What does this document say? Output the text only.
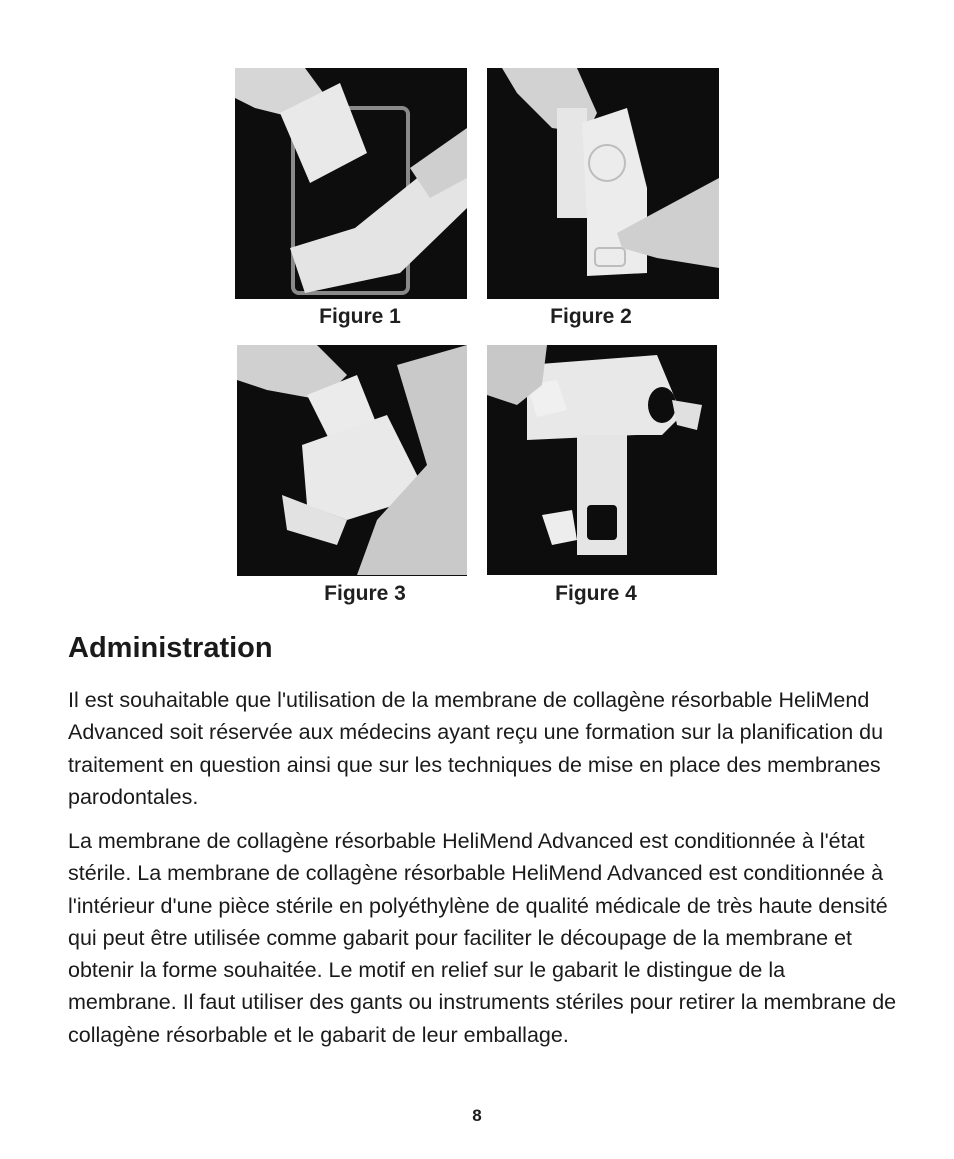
Figure 1	Figure 2
Figure 3	Figure 4
Administration

Il est souhaitable que l'utilisation de la membrane de collagène résorbable HeliMend Advanced soit réservée aux médecins ayant reçu une formation sur la planification du traitement en question ainsi que sur les techniques de mise en place des membranes parodontales.

La membrane de collagène résorbable HeliMend Advanced est conditionnée à l'état stérile. La membrane de collagène résorbable HeliMend Advanced est conditionnée à l'intérieur d'une pièce stérile en polyéthylène de qualité médicale de très haute densité qui peut être utilisée comme gabarit pour faciliter le découpage de la membrane et obtenir la forme souhaitée. Le motif en relief sur le gabarit le distingue de la membrane. Il faut utiliser des gants ou instruments stériles pour retirer la membrane de collagène résorbable et le gabarit de leur emballage.

8
